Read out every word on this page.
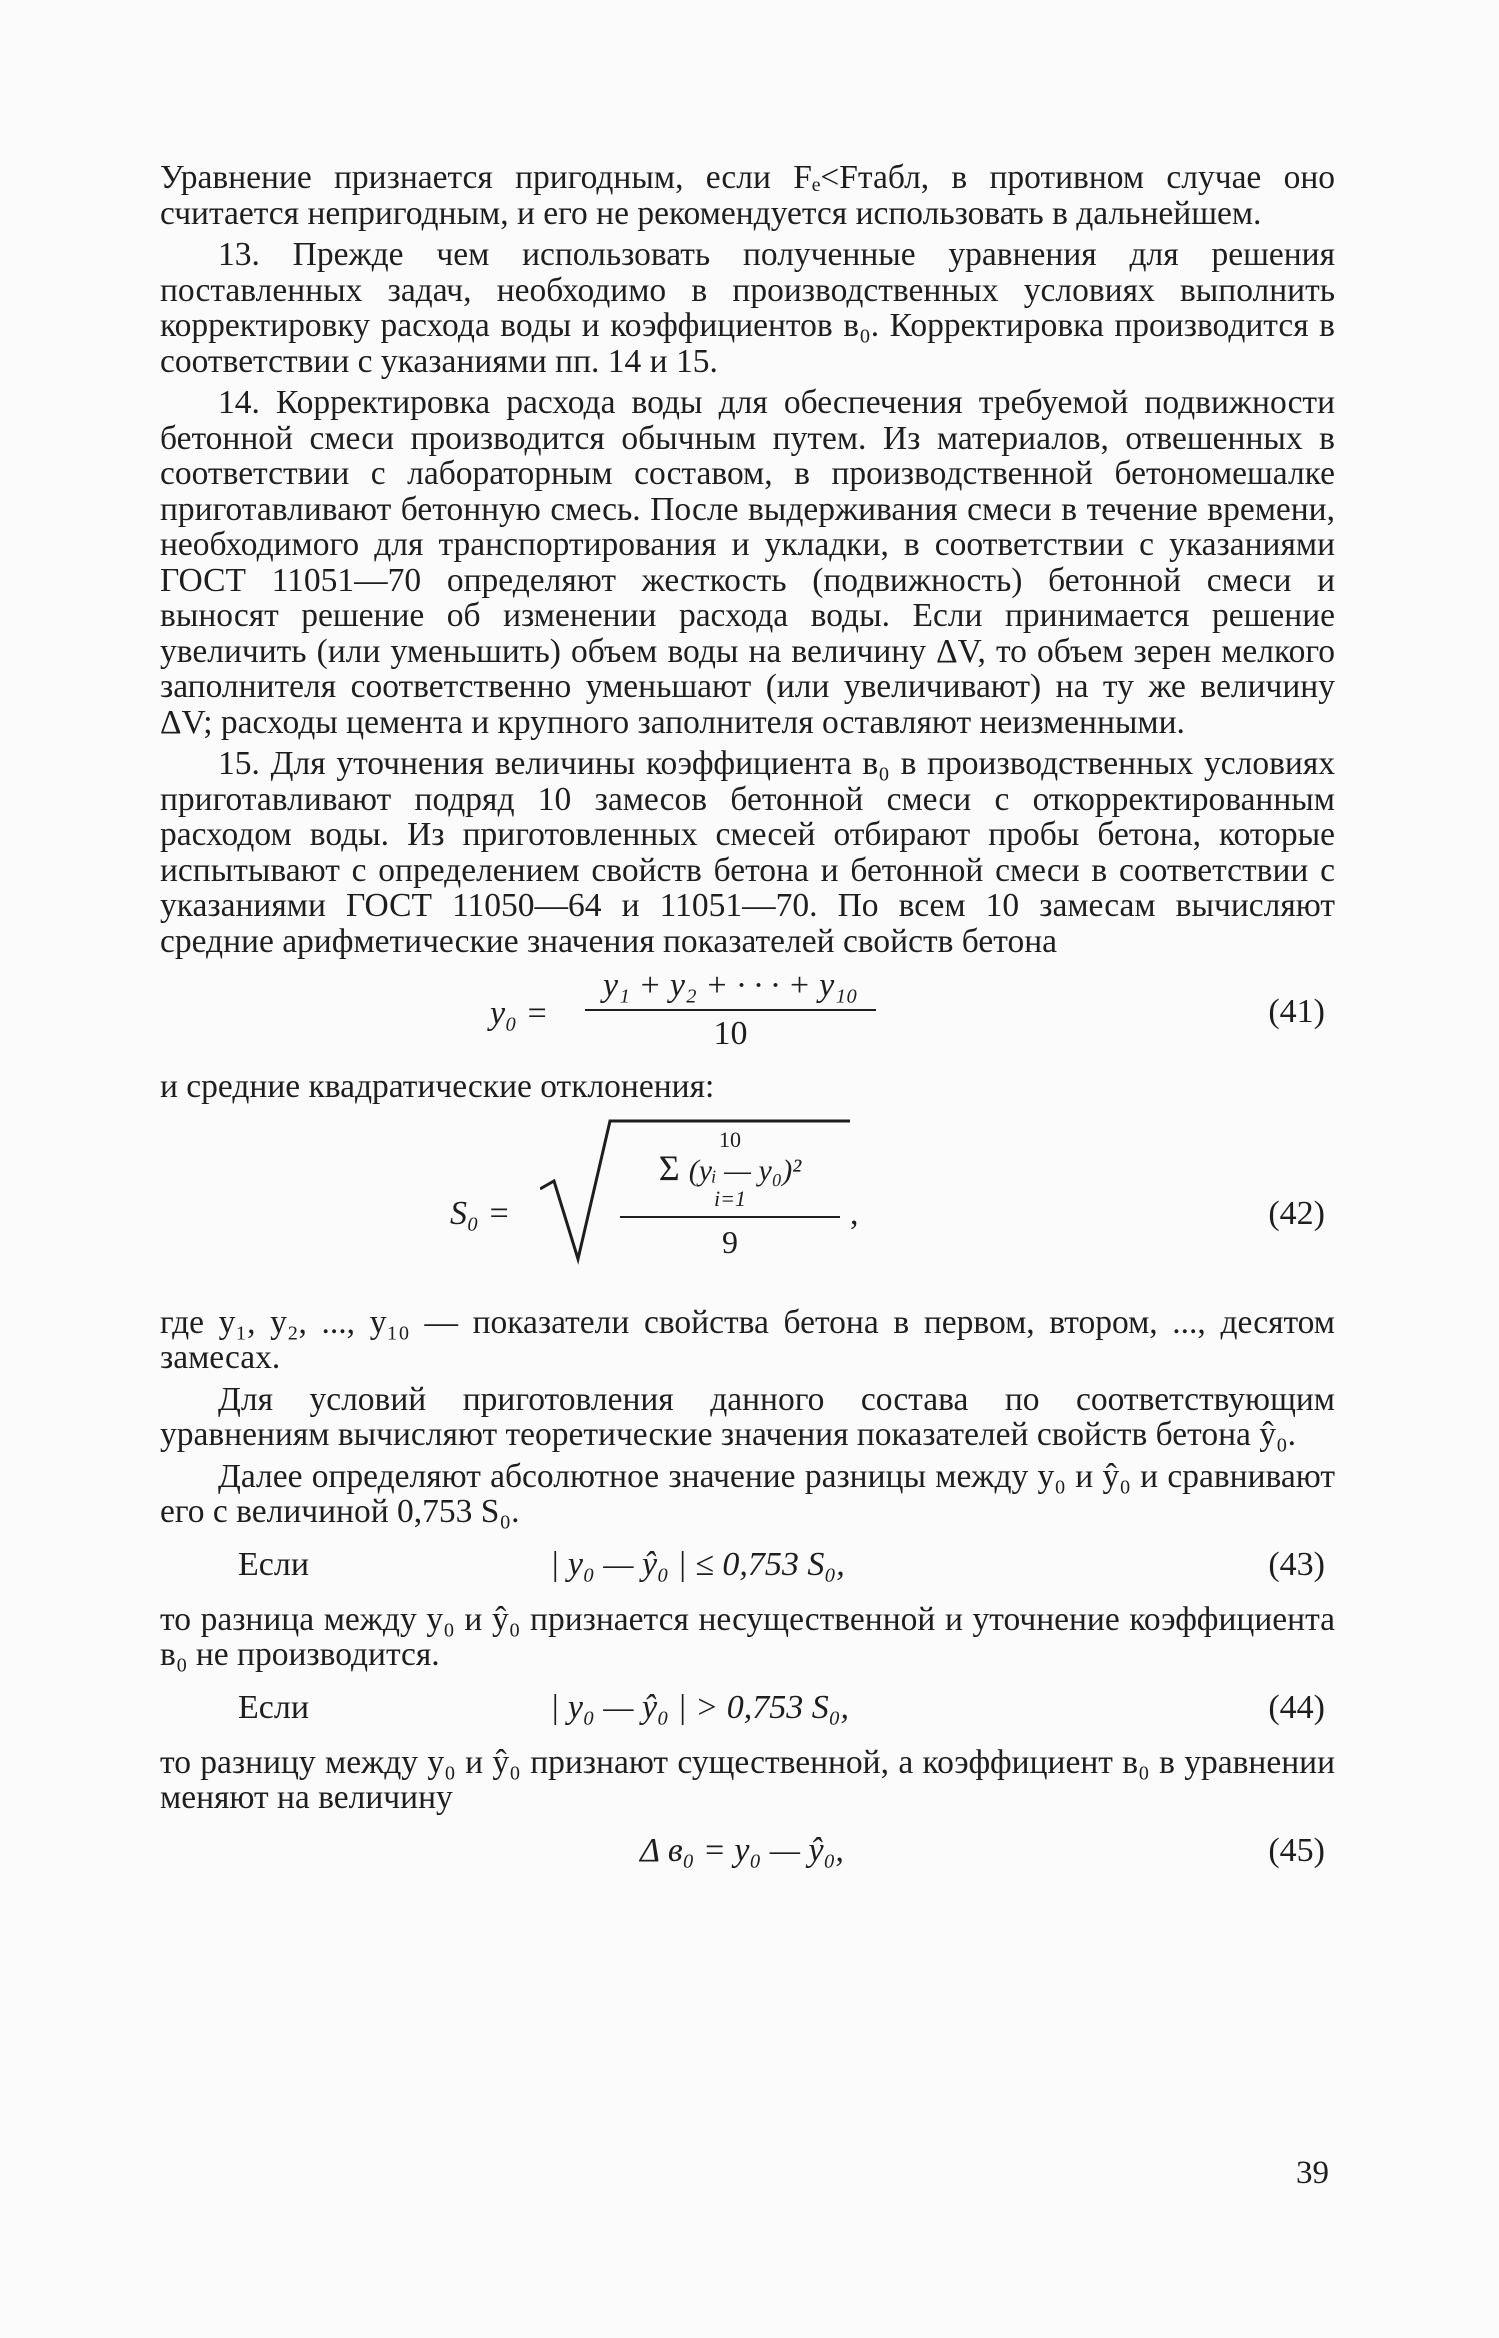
Уравнение признается пригодным, если Fₑ<Fтабл, в противном случае оно считается непригодным, и его не рекомендуется использовать в дальнейшем.

13. Прежде чем использовать полученные уравнения для решения поставленных задач, необходимо в производственных условиях выполнить корректировку расхода воды и коэффициентов в₀. Корректировка производится в соответствии с указаниями пп. 14 и 15.

14. Корректировка расхода воды для обеспечения требуемой подвижности бетонной смеси производится обычным путем. Из материалов, отвешенных в соответствии с лабораторным составом, в производственной бетономешалке приготавливают бетонную смесь. После выдерживания смеси в течение времени, необходимого для транспортирования и укладки, в соответствии с указаниями ГОСТ 11051—70 определяют жесткость (подвижность) бетонной смеси и выносят решение об изменении расхода воды. Если принимается решение увеличить (или уменьшить) объем воды на величину ΔV, то объем зерен мелкого заполнителя соответственно уменьшают (или увеличивают) на ту же величину ΔV; расходы цемента и крупного заполнителя оставляют неизменными.

15. Для уточнения величины коэффициента в₀ в производственных условиях приготавливают подряд 10 замесов бетонной смеси с откорректированным расходом воды. Из приготовленных смесей отбирают пробы бетона, которые испытывают с определением свойств бетона и бетонной смеси в соответствии с указаниями ГОСТ 11050—64 и 11051—70. По всем 10 замесам вычисляют средние арифметические значения показателей свойств бетона

$y_0 = \frac{\text{y₁ + y₂ + · · · + y₁₀}}{10}$	(41)

и средние квадратические отклонения:

S₀ =
10
Σ (yᵢ — y₀)²
i=1
9
,	(42)

где y₁, y₂, ..., y₁₀ — показатели свойства бетона в первом, втором, ..., десятом замесах.

Для условий приготовления данного состава по соответствующим уравнениям вычисляют теоретические значения показателей свойств бетона ŷ₀.

Далее определяют абсолютное значение разницы между y₀ и ŷ₀ и сравнивают его с величиной 0,753 S₀.

Если	| y₀ — ŷ₀ | ≤ 0,753 S₀,	(43)

то разница между y₀ и ŷ₀ признается несущественной и уточнение коэффициента в₀ не производится.

Если	| y₀ — ŷ₀ | > 0,753 S₀,	(44)

то разницу между y₀ и ŷ₀ признают существенной, а коэффициент в₀ в уравнении меняют на величину

Δ в₀ = y₀ — ŷ₀,	(45)
39
